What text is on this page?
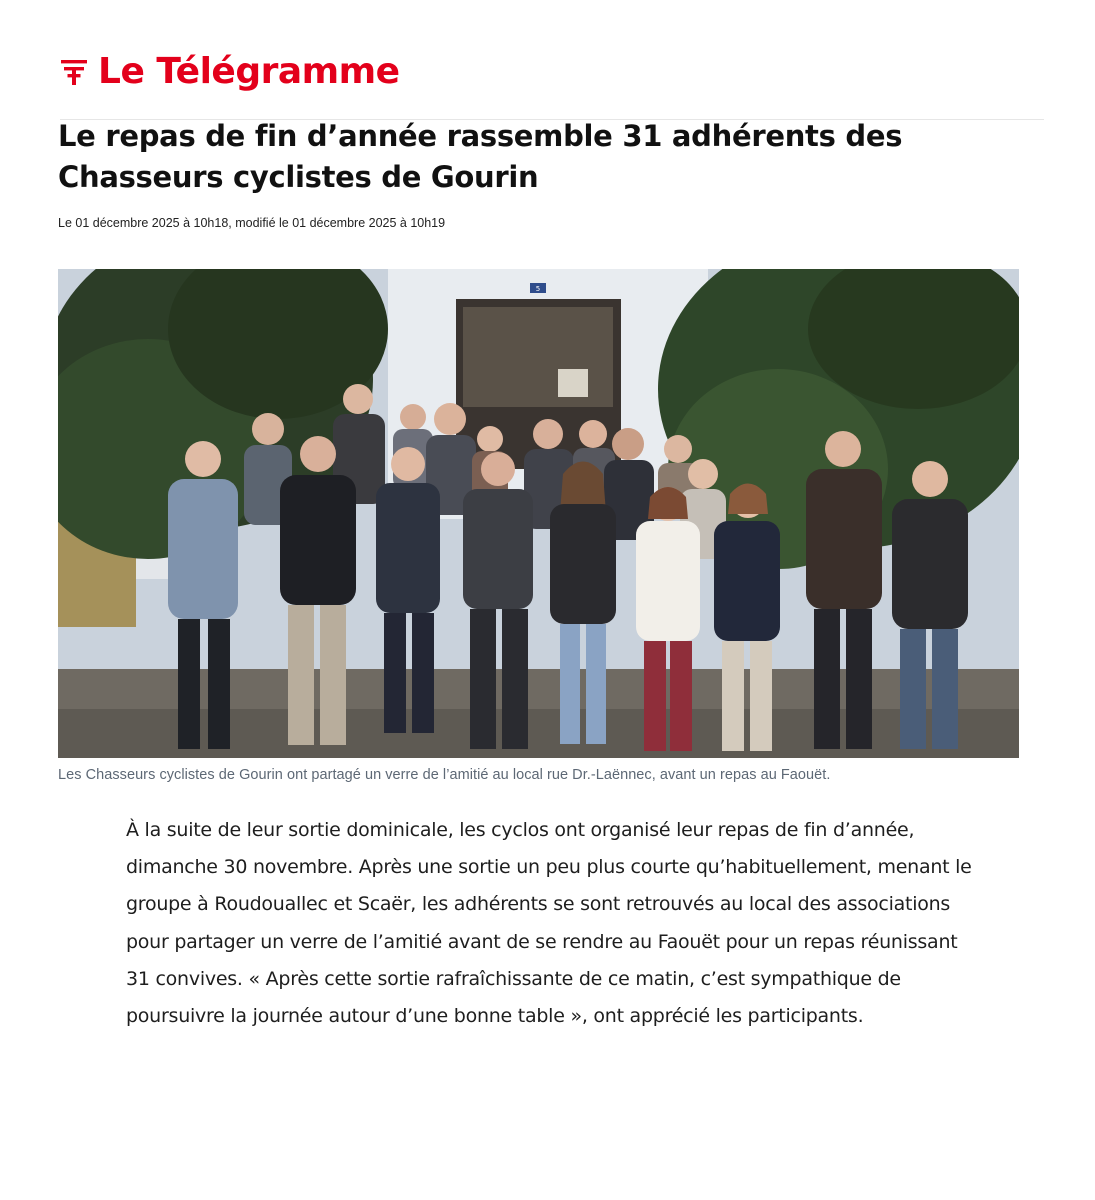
Le Télégramme
Le repas de fin d’année rassemble 31 adhérents des Chasseurs cyclistes de Gourin
Le 01 décembre 2025 à 10h18, modifié le 01 décembre 2025 à 10h19
5
Les Chasseurs cyclistes de Gourin ont partagé un verre de l’amitié au local rue Dr.-Laënnec, avant un repas au Faouët.

À la suite de leur sortie dominicale, les cyclos ont organisé leur repas de fin d’année, dimanche 30 novembre. Après une sortie un peu plus courte qu’habituellement, menant le groupe à Roudouallec et Scaër, les adhérents se sont retrouvés au local des associations pour partager un verre de l’amitié avant de se rendre au Faouët pour un repas réunissant 31 convives. « Après cette sortie rafraîchissante de ce matin, c’est sympathique de poursuivre la journée autour d’une bonne table », ont apprécié les participants.
